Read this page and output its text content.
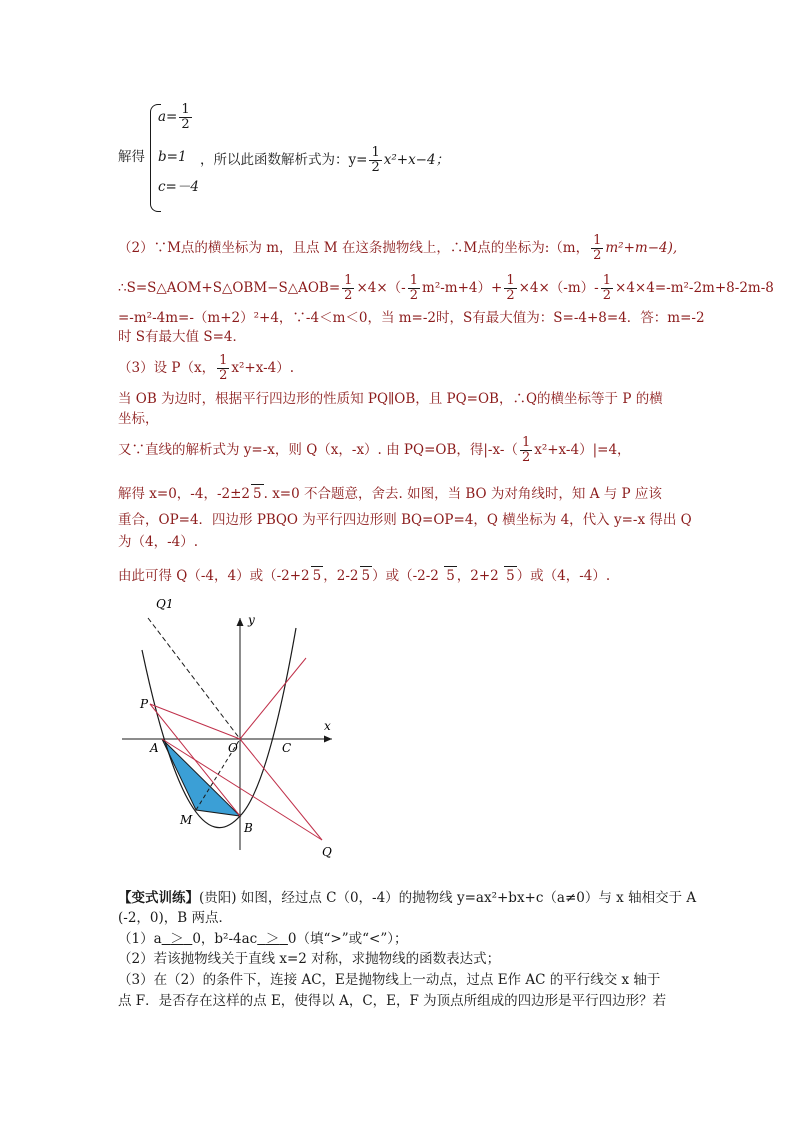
解得
$a= \frac{1}{2}$
b=1
c=－4
，所以此函数解析式为：$y= \frac{1}{2} x^2+x-4$；
（2）∵M点的横坐标为 m，且点 M 在这条抛物线上，∴M点的坐标为:（m， $\frac{1}{2} m^2+m-4$),
∴S=S△AOM+S△OBM−S△AOB= $\frac{1}{2} \times 4\times(- \frac{1}{2} m^2-m+4)+ \frac{1}{2} \times 4\times(-m)- \frac{1}{2} \times 4\times 4=-m^2-2m+8-2m-8$
=-m²-4m=-（m+2）²+4，∵-4＜m＜0，当 m=-2时，S有最大值为：S=-4+8=4．答：m=-2
时 S有最大值 S=4．
（3）设 P（x， $\frac{1}{2} x^2+x-4$）.
当 OB 为边时，根据平行四边形的性质知 PQ∥OB，且 PQ=OB，∴Q的横坐标等于 P 的横
坐标，
又∵直线的解析式为 y=-x，则 Q（x，-x）. 由 PQ=OB，得$|-x-( \frac{1}{2} x^2+x-4)|=4$，
解得 x=0，-4，-2±2 5 . x=0 不合题意，舍去. 如图，当 BO 为对角线时，知 A 与 P 应该
重合，OP=4．四边形 PBQO 为平行四边形则 BQ=OP=4，Q 横坐标为 4，代入 y=-x 得出 Q
为（4，-4）.
由此可得 Q（-4，4）或（-2+2 5 ，2-2 5 ）或（-2-2 5 ，2+2 5 ）或（4，-4）.
Q1
y
x
P
A	O	C
M
B
Q
【变式训练】(贵阳) 如图，经过点 C（0，-4）的抛物线 y=ax²+bx+c（a≠0）与 x 轴相交于 A
(-2，0)，B 两点．
（1）a ＞ 0，b²-4ac ＞ 0（填“>”或“<”）；
（2）若该抛物线关于直线 x=2 对称，求抛物线的函数表达式；
（3）在（2）的条件下，连接 AC，E是抛物线上一动点，过点 E作 AC 的平行线交 x 轴于
点 F．是否存在这样的点 E，使得以 A，C，E，F 为顶点所组成的四边形是平行四边形？若
